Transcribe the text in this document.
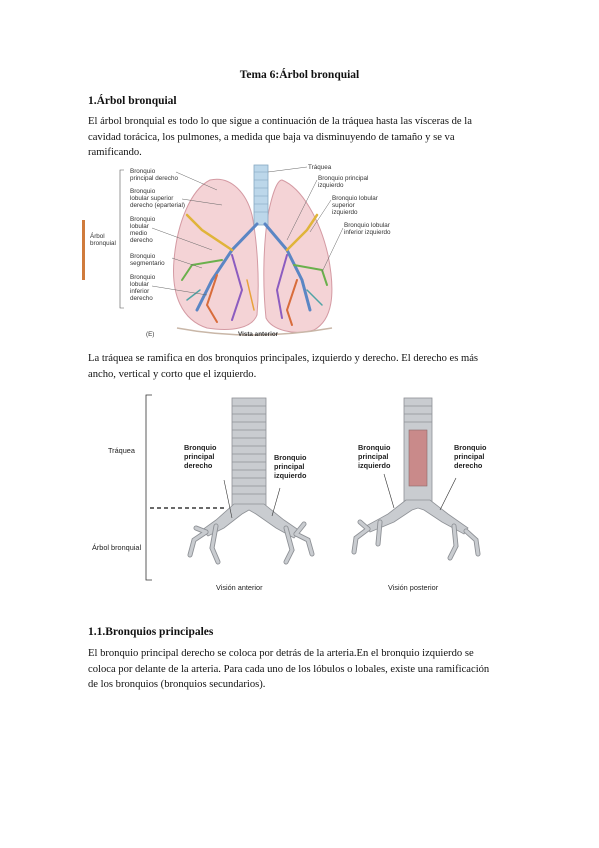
Tema 6:Árbol bronquial
1.Árbol bronquial
El árbol bronquial es todo lo que sigue a continuación de la tráquea hasta las vísceras de la
cavidad torácica, los pulmones, a medida que baja va disminuyendo de tamaño y se va
ramificando.
Bronquio principal derecho
Bronquio lobular superior derecho (eparterial)
Bronquio lobular medio derecho
Bronquio segmentario
Bronquio lobular inferior derecho
Árbol bronquial
Tráquea
Bronquio principal izquierdo
Bronquio lobular superior izquierdo
Bronquio lobular inferior izquierdo
(E)	Vista anterior
La tráquea se ramifica en dos bronquios principales, izquierdo y derecho. El derecho es más
ancho, vertical y corto que el izquierdo.
Tráquea
Árbol bronquial
Bronquio principal derecho
Bronquio principal izquierdo
Visión anterior
Bronquio principal izquierdo
Bronquio principal derecho
Visión posterior
1.1.Bronquios principales
El bronquio principal derecho se coloca por detrás de la arteria.En el bronquio izquierdo se
coloca por delante de la arteria. Para cada uno de los lóbulos o lobales, existe una ramificación
de los bronquios (bronquios secundarios).
